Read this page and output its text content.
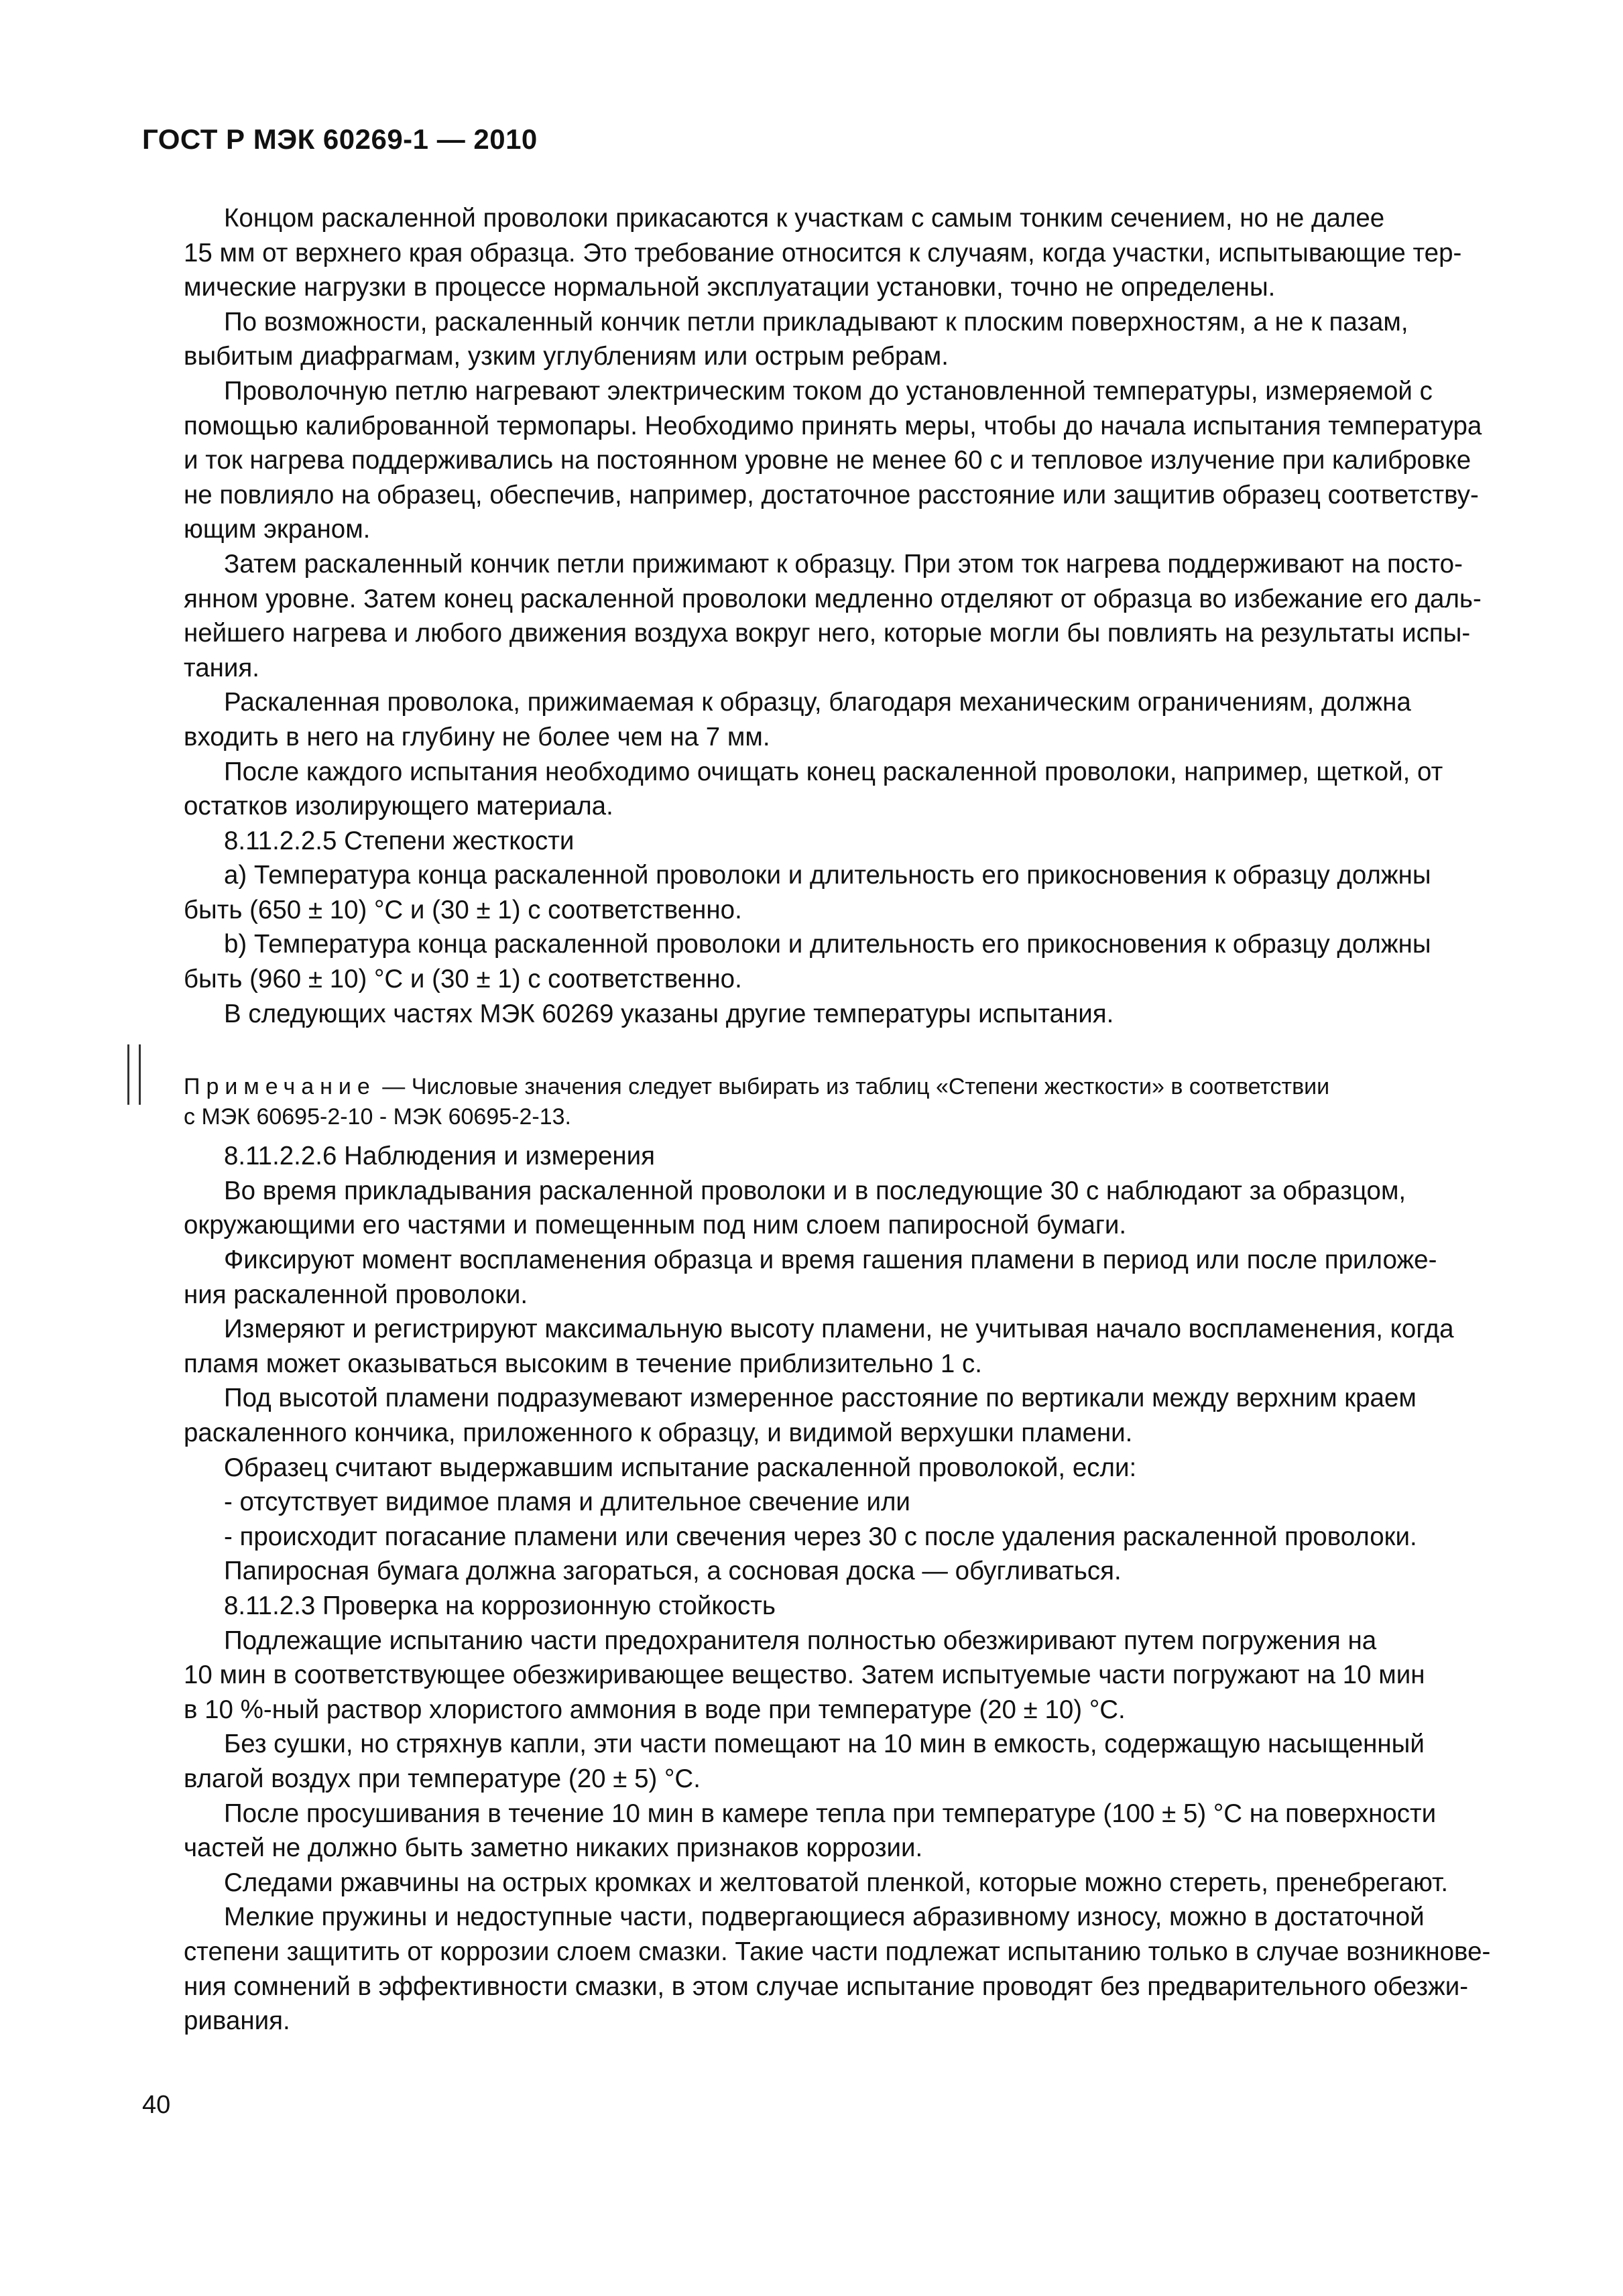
ГОСТ Р МЭК 60269-1 — 2010

Концом раскаленной проволоки прикасаются к участкам с самым тонким сечением, но не далее
15 мм от верхнего края образца. Это требование относится к случаям, когда участки, испытывающие тер-
мические нагрузки в процессе нормальной эксплуатации установки, точно не определены.

По возможности, раскаленный кончик петли прикладывают к плоским поверхностям, а не к пазам,
выбитым диафрагмам, узким углублениям или острым ребрам.

Проволочную петлю нагревают электрическим током до установленной температуры, измеряемой с
помощью калиброванной термопары. Необходимо принять меры, чтобы до начала испытания температура
и ток нагрева поддерживались на постоянном уровне не менее 60 с и тепловое излучение при калибровке
не повлияло на образец, обеспечив, например, достаточное расстояние или защитив образец соответству-
ющим экраном.

Затем раскаленный кончик петли прижимают к образцу. При этом ток нагрева поддерживают на посто-
янном уровне. Затем конец раскаленной проволоки медленно отделяют от образца во избежание его даль-
нейшего нагрева и любого движения воздуха вокруг него, которые могли бы повлиять на результаты испы-
тания.

Раскаленная проволока, прижимаемая к образцу, благодаря механическим ограничениям, должна
входить в него на глубину не более чем на 7 мм.

После каждого испытания необходимо очищать конец раскаленной проволоки, например, щеткой, от
остатков изолирующего материала.

8.11.2.2.5 Степени жесткости

а) Температура конца раскаленной проволоки и длительность его прикосновения к образцу должны
быть (650 ± 10) °С и (30 ± 1) с соответственно.

b) Температура конца раскаленной проволоки и длительность его прикосновения к образцу должны
быть (960 ± 10) °С и (30 ± 1) с соответственно.

В следующих частях МЭК 60269 указаны другие температуры испытания.

Примечание — Числовые значения следует выбирать из таблиц «Степени жесткости» в соответствии
с МЭК 60695-2-10 - МЭК 60695-2-13.

8.11.2.2.6 Наблюдения и измерения

Во время прикладывания раскаленной проволоки и в последующие 30 с наблюдают за образцом,
окружающими его частями и помещенным под ним слоем папиросной бумаги.

Фиксируют момент воспламенения образца и время гашения пламени в период или после приложе-
ния раскаленной проволоки.

Измеряют и регистрируют максимальную высоту пламени, не учитывая начало воспламенения, когда
пламя может оказываться высоким в течение приблизительно 1 с.

Под высотой пламени подразумевают измеренное расстояние по вертикали между верхним краем
раскаленного кончика, приложенного к образцу, и видимой верхушки пламени.

Образец считают выдержавшим испытание раскаленной проволокой, если:

- отсутствует видимое пламя и длительное свечение или

- происходит погасание пламени или свечения через 30 с после удаления раскаленной проволоки.

Папиросная бумага должна загораться, а сосновая доска — обугливаться.

8.11.2.3 Проверка на коррозионную стойкость

Подлежащие испытанию части предохранителя полностью обезжиривают путем погружения на
10 мин в соответствующее обезжиривающее вещество. Затем испытуемые части погружают на 10 мин
в 10 %-ный раствор хлористого аммония в воде при температуре (20 ± 10) °С.

Без сушки, но стряхнув капли, эти части помещают на 10 мин в емкость, содержащую насыщенный
влагой воздух при температуре (20 ± 5) °С.

После просушивания в течение 10 мин в камере тепла при температуре (100 ± 5) °С на поверхности
частей не должно быть заметно никаких признаков коррозии.

Следами ржавчины на острых кромках и желтоватой пленкой, которые можно стереть, пренебрегают.

Мелкие пружины и недоступные части, подвергающиеся абразивному износу, можно в достаточной
степени защитить от коррозии слоем смазки. Такие части подлежат испытанию только в случае возникнове-
ния сомнений в эффективности смазки, в этом случае испытание проводят без предварительного обезжи-
ривания.

40
